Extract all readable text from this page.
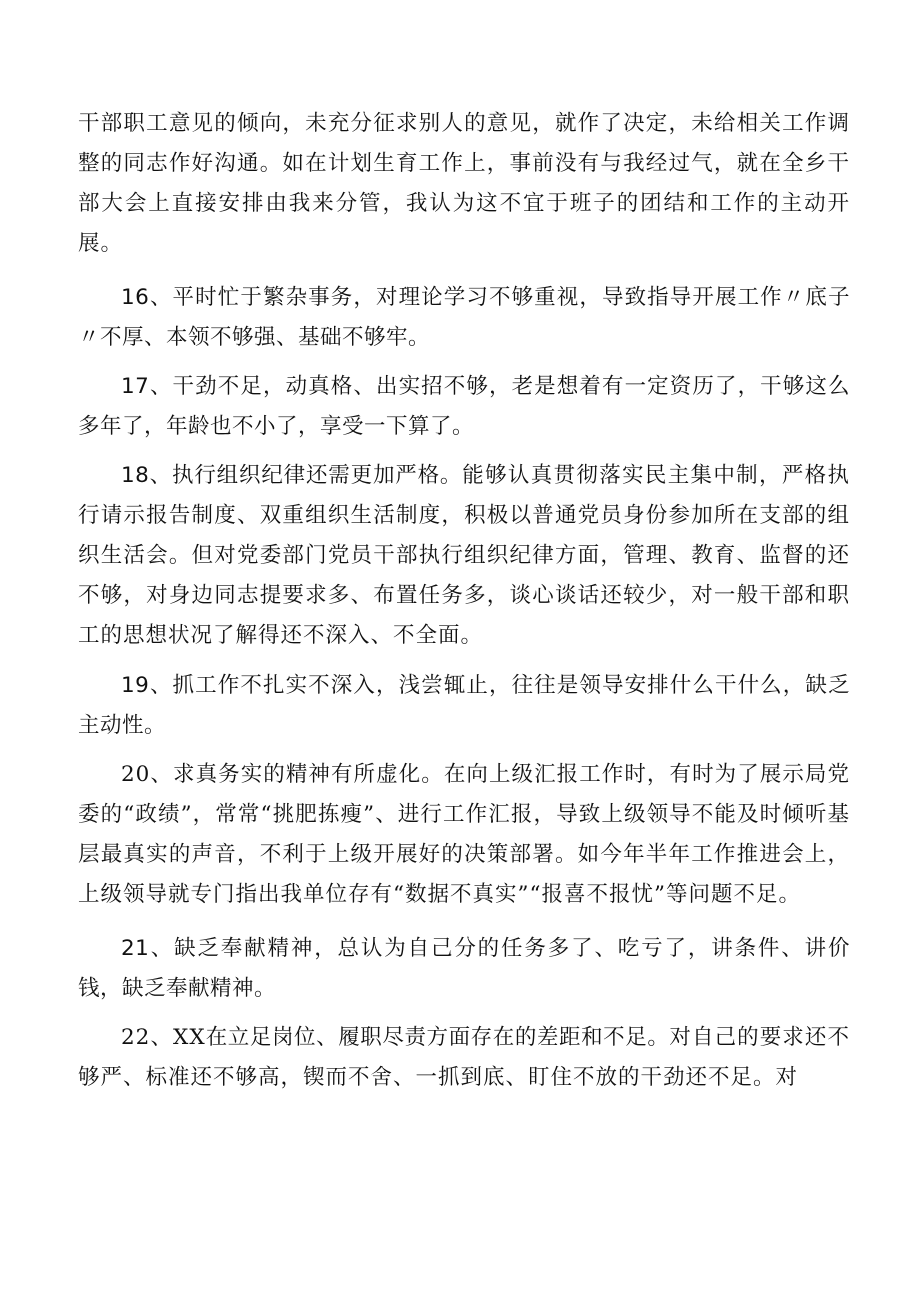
干部职工意见的倾向，未充分征求别人的意见，就作了决定，未给相关工作调整的同志作好沟通。如在计划生育工作上，事前没有与我经过气，就在全乡干部大会上直接安排由我来分管，我认为这不宜于班子的团结和工作的主动开展。

16、平时忙于繁杂事务，对理论学习不够重视，导致指导开展工作〃底子〃不厚、本领不够强、基础不够牢。

17、干劲不足，动真格、出实招不够，老是想着有一定资历了，干够这么多年了，年龄也不小了，享受一下算了。

18、执行组织纪律还需更加严格。能够认真贯彻落实民主集中制，严格执行请示报告制度、双重组织生活制度，积极以普通党员身份参加所在支部的组织生活会。但对党委部门党员干部执行组织纪律方面，管理、教育、监督的还不够，对身边同志提要求多、布置任务多，谈心谈话还较少，对一般干部和职工的思想状况了解得还不深入、不全面。

19、抓工作不扎实不深入，浅尝辄止，往往是领导安排什么干什么，缺乏主动性。

20、求真务实的精神有所虚化。在向上级汇报工作时，有时为了展示局党委的“政绩”，常常“挑肥拣瘦”、进行工作汇报，导致上级领导不能及时倾听基层最真实的声音，不利于上级开展好的决策部署。如今年半年工作推进会上，上级领导就专门指出我单位存有“数据不真实”“报喜不报忧”等问题不足。

21、缺乏奉献精神，总认为自己分的任务多了、吃亏了，讲条件、讲价钱，缺乏奉献精神。

22、XX在立足岗位、履职尽责方面存在的差距和不足。对自己的要求还不够严、标准还不够高，锲而不舍、一抓到底、盯住不放的干劲还不足。对
